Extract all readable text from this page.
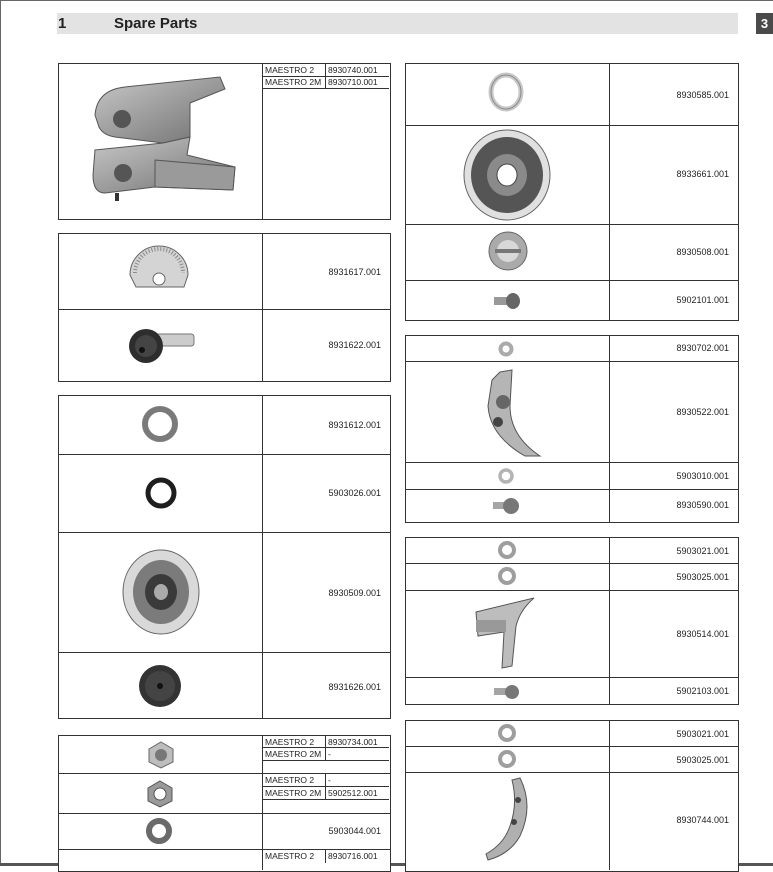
1	Spare Parts	3
MAESTRO 2 8930740.001
MAESTRO 2M 8930710.001
8931617.001
8931622.001
8931612.001
5903026.001
8930509.001
8931626.001
MAESTRO 2 8930734.001
MAESTRO 2M -
MAESTRO 2 -
MAESTRO 2M 5902512.001
5903044.001
MAESTRO 2 8930716.001
8930585.001
8933661.001
8930508.001
5902101.001
8930702.001
8930522.001
5903010.001
8930590.001
5903021.001
5903025.001
8930514.001
5902103.001
5903021.001
5903025.001
8930744.001
